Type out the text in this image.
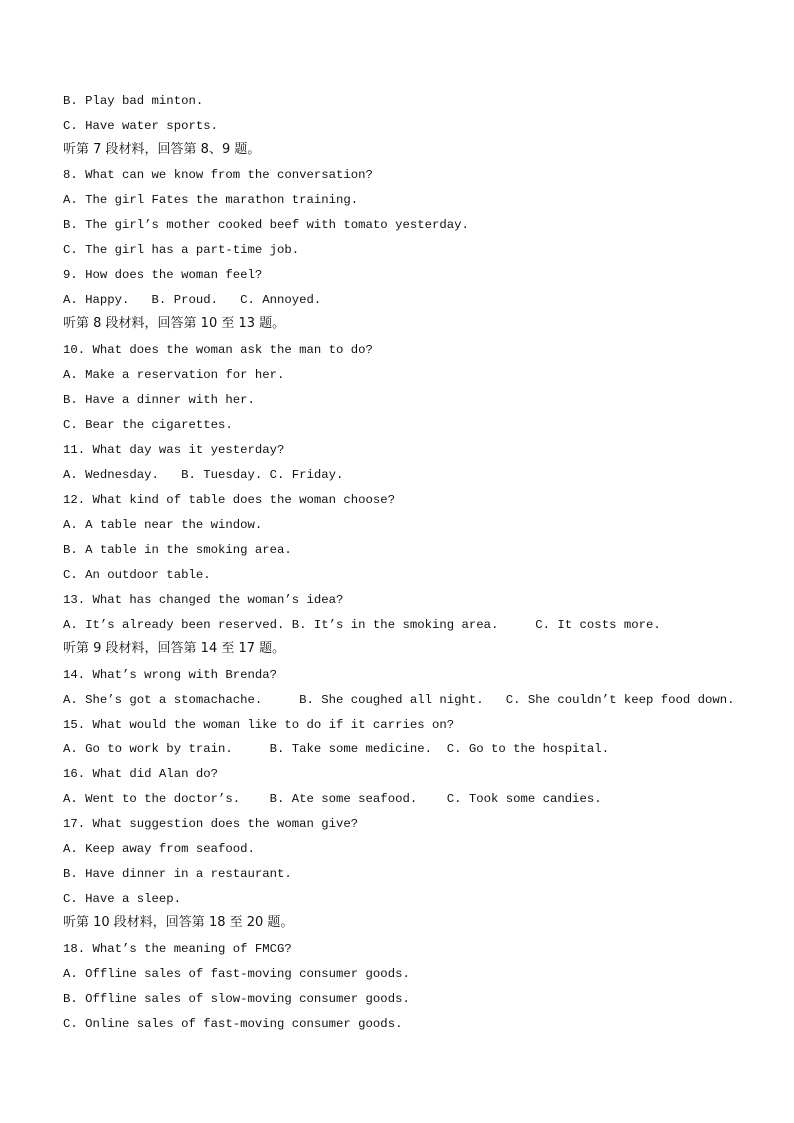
B. Play bad minton.
C. Have water sports.
听第 7 段材料，回答第 8、9 题。
8. What can we know from the conversation?
A. The girl Fates the marathon training.
B. The girl’s mother cooked beef with tomato yesterday.
C. The girl has a part-time job.
9. How does the woman feel?
A. Happy.   B. Proud.   C. Annoyed.
听第 8 段材料，回答第 10 至 13 题。
10. What does the woman ask the man to do?
A. Make a reservation for her.
B. Have a dinner with her.
C. Bear the cigarettes.
11. What day was it yesterday?
A. Wednesday.   B. Tuesday. C. Friday.
12. What kind of table does the woman choose?
A. A table near the window.
B. A table in the smoking area.
C. An outdoor table.
13. What has changed the woman’s idea?
A. It’s already been reserved. B. It’s in the smoking area.     C. It costs more.
听第 9 段材料，回答第 14 至 17 题。
14. What’s wrong with Brenda?
A. She’s got a stomachache.     B. She coughed all night.   C. She couldn’t keep food down.
15. What would the woman like to do if it carries on?
A. Go to work by train.     B. Take some medicine.  C. Go to the hospital.
16. What did Alan do?
A. Went to the doctor’s.    B. Ate some seafood.    C. Took some candies.
17. What suggestion does the woman give?
A. Keep away from seafood.
B. Have dinner in a restaurant.
C. Have a sleep.
听第 10 段材料，回答第 18 至 20 题。
18. What’s the meaning of FMCG?
A. Offline sales of fast-moving consumer goods.
B. Offline sales of slow-moving consumer goods.
C. Online sales of fast-moving consumer goods.
